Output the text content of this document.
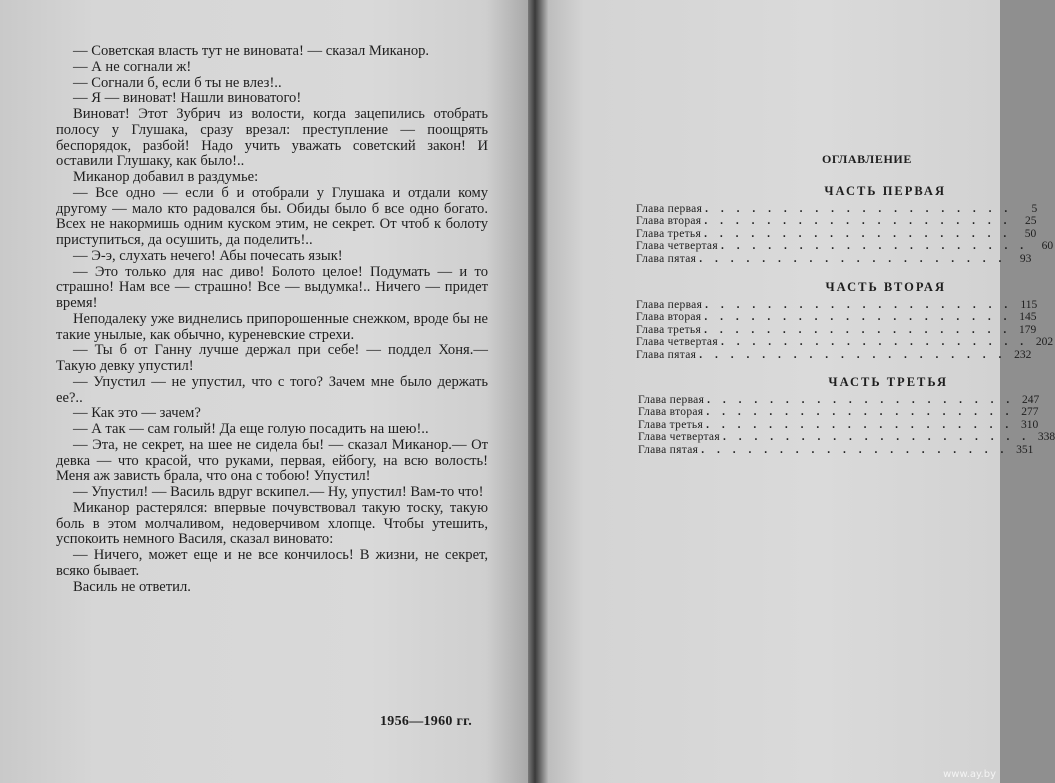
— Советская власть тут не виновата! — сказал Миканор.

— А не согнали ж!

— Согнали б, если б ты не влез!..

— Я — виноват! Нашли виноватого!

Виноват! Этот Зубрич из волости, когда зацепились отобрать полосу у Глушака, сразу врезал: преступление — поощрять беспорядок, разбой! Надо учить уважать советский закон! И оставили Глушаку, как было!..

Миканор добавил в раздумье:

— Все одно — если б и отобрали у Глушака и отдали кому другому — мало кто радовался бы. Обиды было б все одно богато. Всех не накормишь одним куском этим, не секрет. От чтоб к болоту приступиться, да осушить, да поделить!..

— Э-э, слухать нечего! Абы почесать язык!

— Это только для нас диво! Болото целое! Подумать — и то страшно! Нам все — страшно! Все — выдумка!.. Ничего — придет время!

Неподалеку уже виднелись припорошенные снежком, вроде бы не такие унылые, как обычно, куреневские стрехи.

— Ты б от Ганну лучше держал при себе! — поддел Хоня.— Такую девку упустил!

— Упустил — не упустил, что с того? Зачем мне было держать ее?..

— Как это — зачем?

— А так — сам голый! Да еще голую посадить на шею!..

— Эта, не секрет, на шее не сидела бы! — сказал Миканор.— От девка — что красой, что руками, первая, ейбогу, на всю волость! Меня аж зависть брала, что она с тобою! Упустил!

— Упустил! — Василь вдруг вскипел.— Ну, упустил! Вам-то что!

Миканор растерялся: впервые почувствовал такую тоску, такую боль в этом молчаливом, недоверчивом хлопце. Чтобы утешить, успокоить немного Василя, сказал виновато:

— Ничего, может еще и не все кончилось! В жизни, не секрет, всяко бывает.

Василь не ответил.

1956—1960 гг.
ОГЛАВЛЕНИЕ
ЧАСТЬ ПЕРВАЯ
Глава первая . . . . . . . . . . . . . . . . . . . .	5
Глава вторая . . . . . . . . . . . . . . . . . . . .	25
Глава третья . . . . . . . . . . . . . . . . . . . .	50
Глава четвертая . . . . . . . . . . . . . . . . . . . .	60
Глава пятая . . . . . . . . . . . . . . . . . . . .	93
ЧАСТЬ ВТОРАЯ
Глава первая . . . . . . . . . . . . . . . . . . . . 115
Глава вторая . . . . . . . . . . . . . . . . . . . . 145
Глава третья . . . . . . . . . . . . . . . . . . . . 179
Глава четвертая . . . . . . . . . . . . . . . . . . . . 202
Глава пятая . . . . . . . . . . . . . . . . . . . . 232
ЧАСТЬ ТРЕТЬЯ
Глава первая . . . . . . . . . . . . . . . . . . . . 247
Глава вторая . . . . . . . . . . . . . . . . . . . . 277
Глава третья . . . . . . . . . . . . . . . . . . . . 310
Глава четвертая . . . . . . . . . . . . . . . . . . . . 338
Глава пятая . . . . . . . . . . . . . . . . . . . . 351
www.ay.by
